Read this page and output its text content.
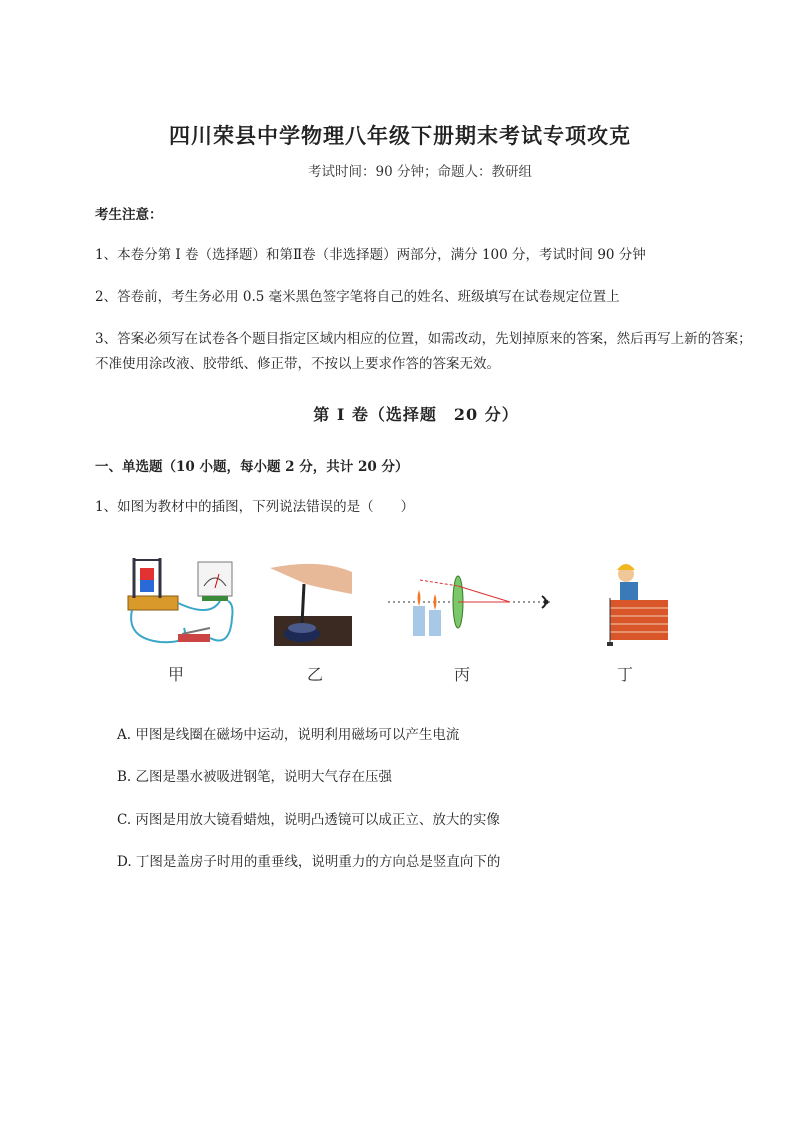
四川荣县中学物理八年级下册期末考试专项攻克
考试时间：90 分钟；命题人：教研组
考生注意：
1、本卷分第 I 卷（选择题）和第Ⅱ卷（非选择题）两部分，满分 100 分，考试时间 90 分钟
2、答卷前，考生务必用 0.5 毫米黑色签字笔将自己的姓名、班级填写在试卷规定位置上
3、答案必须写在试卷各个题目指定区域内相应的位置，如需改动，先划掉原来的答案，然后再写上新的答案；不准使用涂改液、胶带纸、修正带，不按以上要求作答的答案无效。
第 I 卷（选择题　20 分）
一、单选题（10 小题，每小题 2 分，共计 20 分）
1、如图为教材中的插图，下列说法错误的是（　　）
甲	乙	丙	丁
A. 甲图是线圈在磁场中运动，说明利用磁场可以产生电流
B. 乙图是墨水被吸进钢笔，说明大气存在压强
C. 丙图是用放大镜看蜡烛，说明凸透镜可以成正立、放大的实像
D. 丁图是盖房子时用的重垂线，说明重力的方向总是竖直向下的
